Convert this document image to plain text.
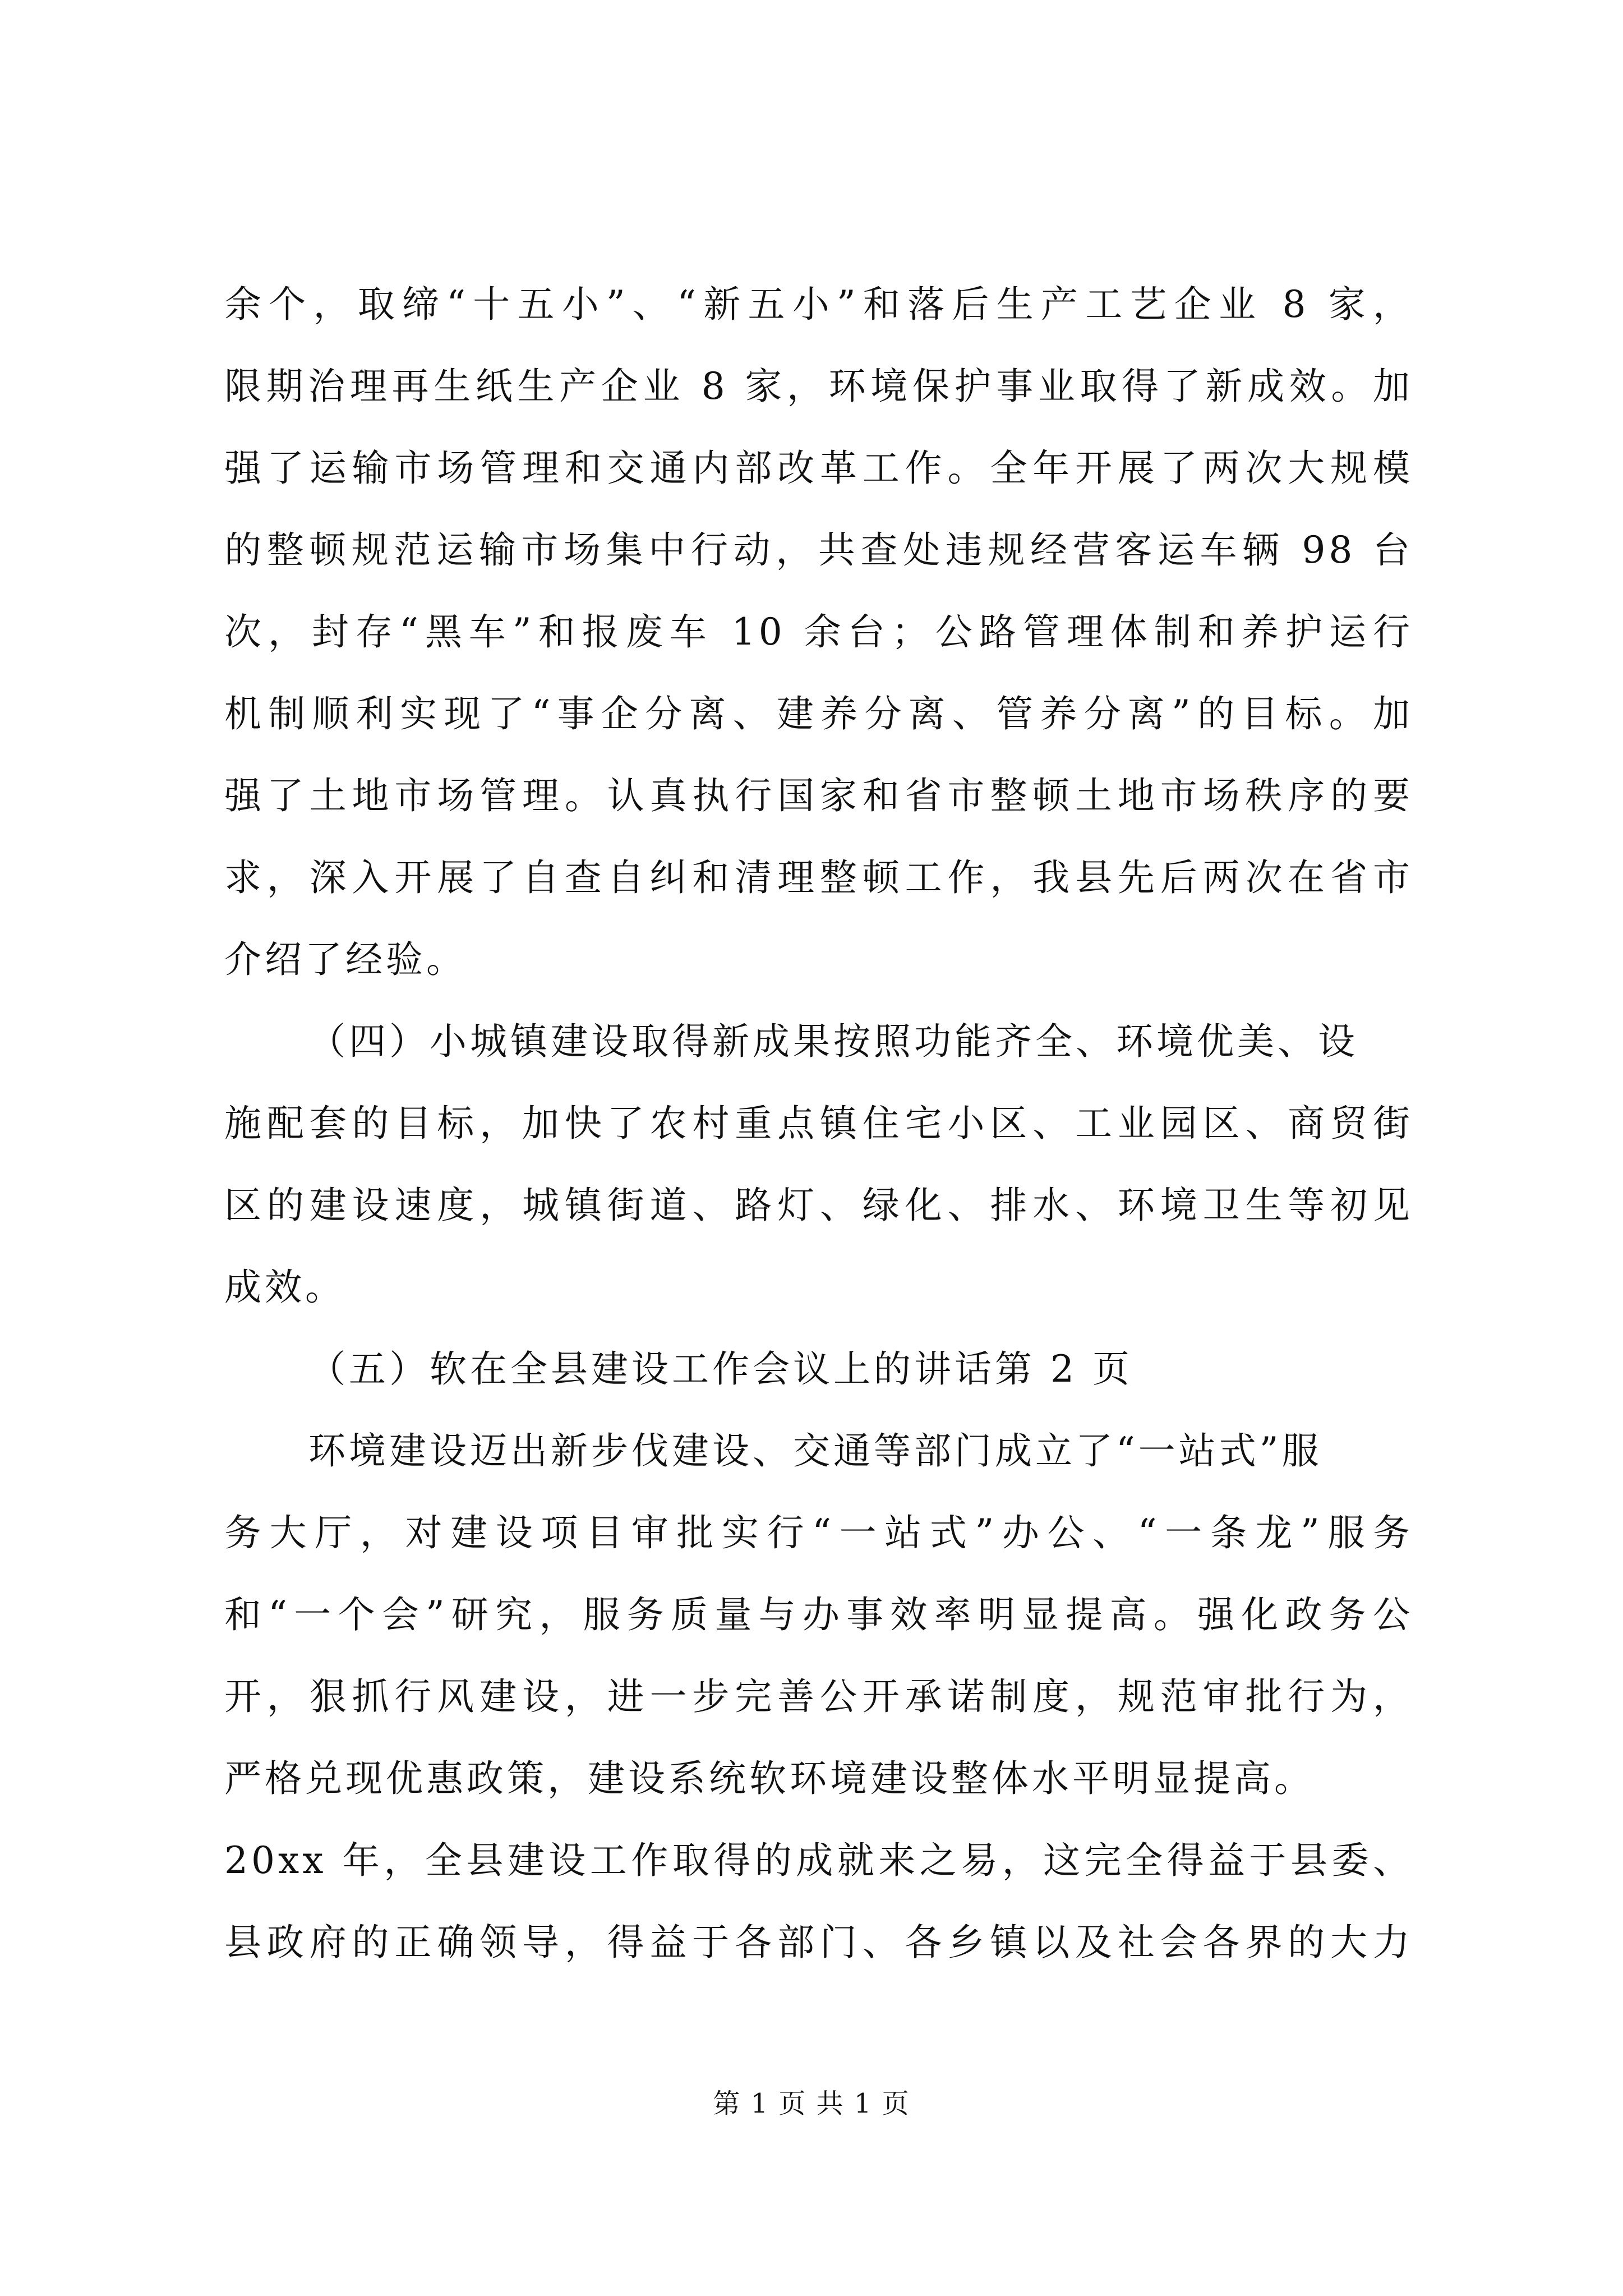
余个，取缔“十五小”、“新五小”和落后生产工艺企业 8 家，
限期治理再生纸生产企业 8 家，环境保护事业取得了新成效。加
强了运输市场管理和交通内部改革工作。全年开展了两次大规模
的整顿规范运输市场集中行动，共查处违规经营客运车辆 98 台
次，封存“黑车”和报废车 10 余台；公路管理体制和养护运行
机制顺利实现了“事企分离、建养分离、管养分离”的目标。加
强了土地市场管理。认真执行国家和省市整顿土地市场秩序的要
求，深入开展了自查自纠和清理整顿工作，我县先后两次在省市
介绍了经验。
（四）小城镇建设取得新成果按照功能齐全、环境优美、设
施配套的目标，加快了农村重点镇住宅小区、工业园区、商贸街
区的建设速度，城镇街道、路灯、绿化、排水、环境卫生等初见
成效。
（五）软在全县建设工作会议上的讲话第 2 页
环境建设迈出新步伐建设、交通等部门成立了“一站式”服
务大厅，对建设项目审批实行“一站式”办公、“一条龙”服务
和“一个会”研究，服务质量与办事效率明显提高。强化政务公
开，狠抓行风建设，进一步完善公开承诺制度，规范审批行为，
严格兑现优惠政策，建设系统软环境建设整体水平明显提高。
20xx 年，全县建设工作取得的成就来之易，这完全得益于县委、
县政府的正确领导，得益于各部门、各乡镇以及社会各界的大力
第 1 页 共 1 页
